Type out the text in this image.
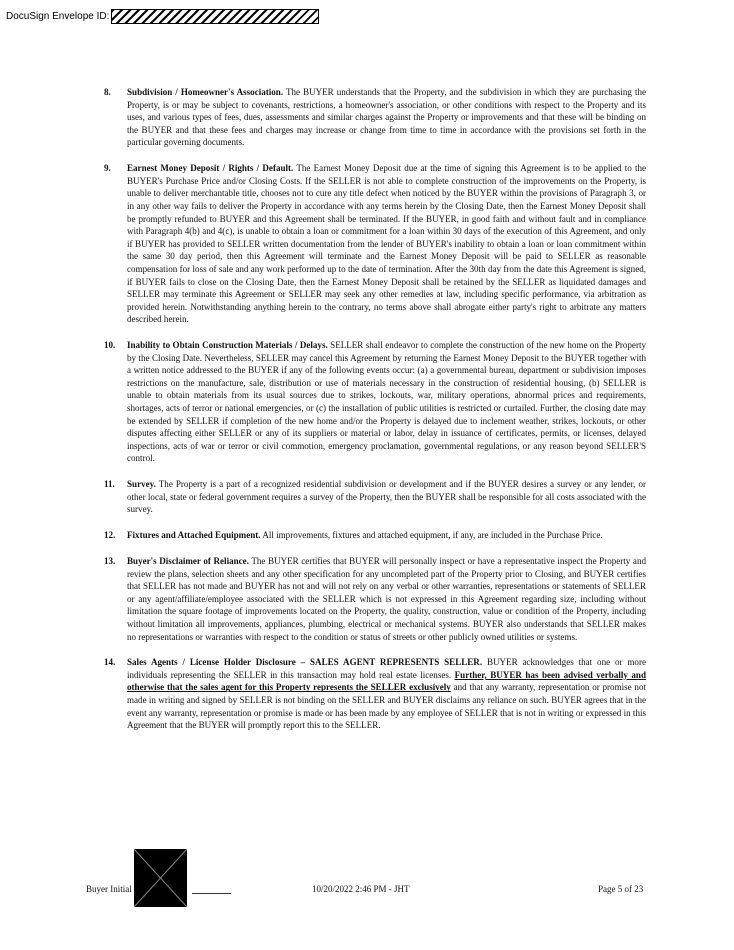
DocuSign Envelope ID:
8. Subdivision / Homeowner's Association. The BUYER understands that the Property, and the subdivision in which they are purchasing the Property, is or may be subject to covenants, restrictions, a homeowner's association, or other conditions with respect to the Property and its uses, and various types of fees, dues, assessments and similar charges against the Property or improvements and that these will be binding on the BUYER and that these fees and charges may increase or change from time to time in accordance with the provisions set forth in the particular governing documents.
9. Earnest Money Deposit / Rights / Default. The Earnest Money Deposit due at the time of signing this Agreement is to be applied to the BUYER's Purchase Price and/or Closing Costs. If the SELLER is not able to complete construction of the improvements on the Property, is unable to deliver merchantable title, chooses not to cure any title defect when noticed by the BUYER within the provisions of Paragraph 3, or in any other way fails to deliver the Property in accordance with any terms herein by the Closing Date, then the Earnest Money Deposit shall be promptly refunded to BUYER and this Agreement shall be terminated. If the BUYER, in good faith and without fault and in compliance with Paragraph 4(b) and 4(c), is unable to obtain a loan or commitment for a loan within 30 days of the execution of this Agreement, and only if BUYER has provided to SELLER written documentation from the lender of BUYER's inability to obtain a loan or loan commitment within the same 30 day period, then this Agreement will terminate and the Earnest Money Deposit will be paid to SELLER as reasonable compensation for loss of sale and any work performed up to the date of termination. After the 30th day from the date this Agreement is signed, if BUYER fails to close on the Closing Date, then the Earnest Money Deposit shall be retained by the SELLER as liquidated damages and SELLER may terminate this Agreement or SELLER may seek any other remedies at law, including specific performance, via arbitration as provided herein. Notwithstanding anything herein to the contrary, no terms above shall abrogate either party's right to arbitrate any matters described herein.
10. Inability to Obtain Construction Materials / Delays. SELLER shall endeavor to complete the construction of the new home on the Property by the Closing Date. Nevertheless, SELLER may cancel this Agreement by returning the Earnest Money Deposit to the BUYER together with a written notice addressed to the BUYER if any of the following events occur: (a) a governmental bureau, department or subdivision imposes restrictions on the manufacture, sale, distribution or use of materials necessary in the construction of residential housing, (b) SELLER is unable to obtain materials from its usual sources due to strikes, lockouts, war, military operations, abnormal prices and requirements, shortages, acts of terror or national emergencies, or (c) the installation of public utilities is restricted or curtailed. Further, the closing date may be extended by SELLER if completion of the new home and/or the Property is delayed due to inclement weather, strikes, lockouts, or other disputes affecting either SELLER or any of its suppliers or material or labor, delay in issuance of certificates, permits, or licenses, delayed inspections, acts of war or terror or civil commotion, emergency proclamation, governmental regulations, or any reason beyond SELLER'S control.
11. Survey. The Property is a part of a recognized residential subdivision or development and if the BUYER desires a survey or any lender, or other local, state or federal government requires a survey of the Property, then the BUYER shall be responsible for all costs associated with the survey.
12. Fixtures and Attached Equipment. All improvements, fixtures and attached equipment, if any, are included in the Purchase Price.
13. Buyer's Disclaimer of Reliance. The BUYER certifies that BUYER will personally inspect or have a representative inspect the Property and review the plans, selection sheets and any other specification for any uncompleted part of the Property prior to Closing, and BUYER certifies that SELLER has not made and BUYER has not and will not rely on any verbal or other warranties, representations or statements of SELLER or any agent/affiliate/employee associated with the SELLER which is not expressed in this Agreement regarding size, including without limitation the square footage of improvements located on the Property, the quality, construction, value or condition of the Property, including without limitation all improvements, appliances, plumbing, electrical or mechanical systems. BUYER also understands that SELLER makes no representations or warranties with respect to the condition or status of streets or other publicly owned utilities or systems.
14. Sales Agents / License Holder Disclosure – SALES AGENT REPRESENTS SELLER. BUYER acknowledges that one or more individuals representing the SELLER in this transaction may hold real estate licenses. Further, BUYER has been advised verbally and otherwise that the sales agent for this Property represents the SELLER exclusively and that any warranty, representation or promise not made in writing and signed by SELLER is not binding on the SELLER and BUYER disclaims any reliance on such. BUYER agrees that in the event any warranty, representation or promise is made or has been made by any employee of SELLER that is not in writing or expressed in this Agreement that the BUYER will promptly report this to the SELLER.
Buyer Initial	10/20/2022 2:46 PM - JHT	Page 5 of 23
